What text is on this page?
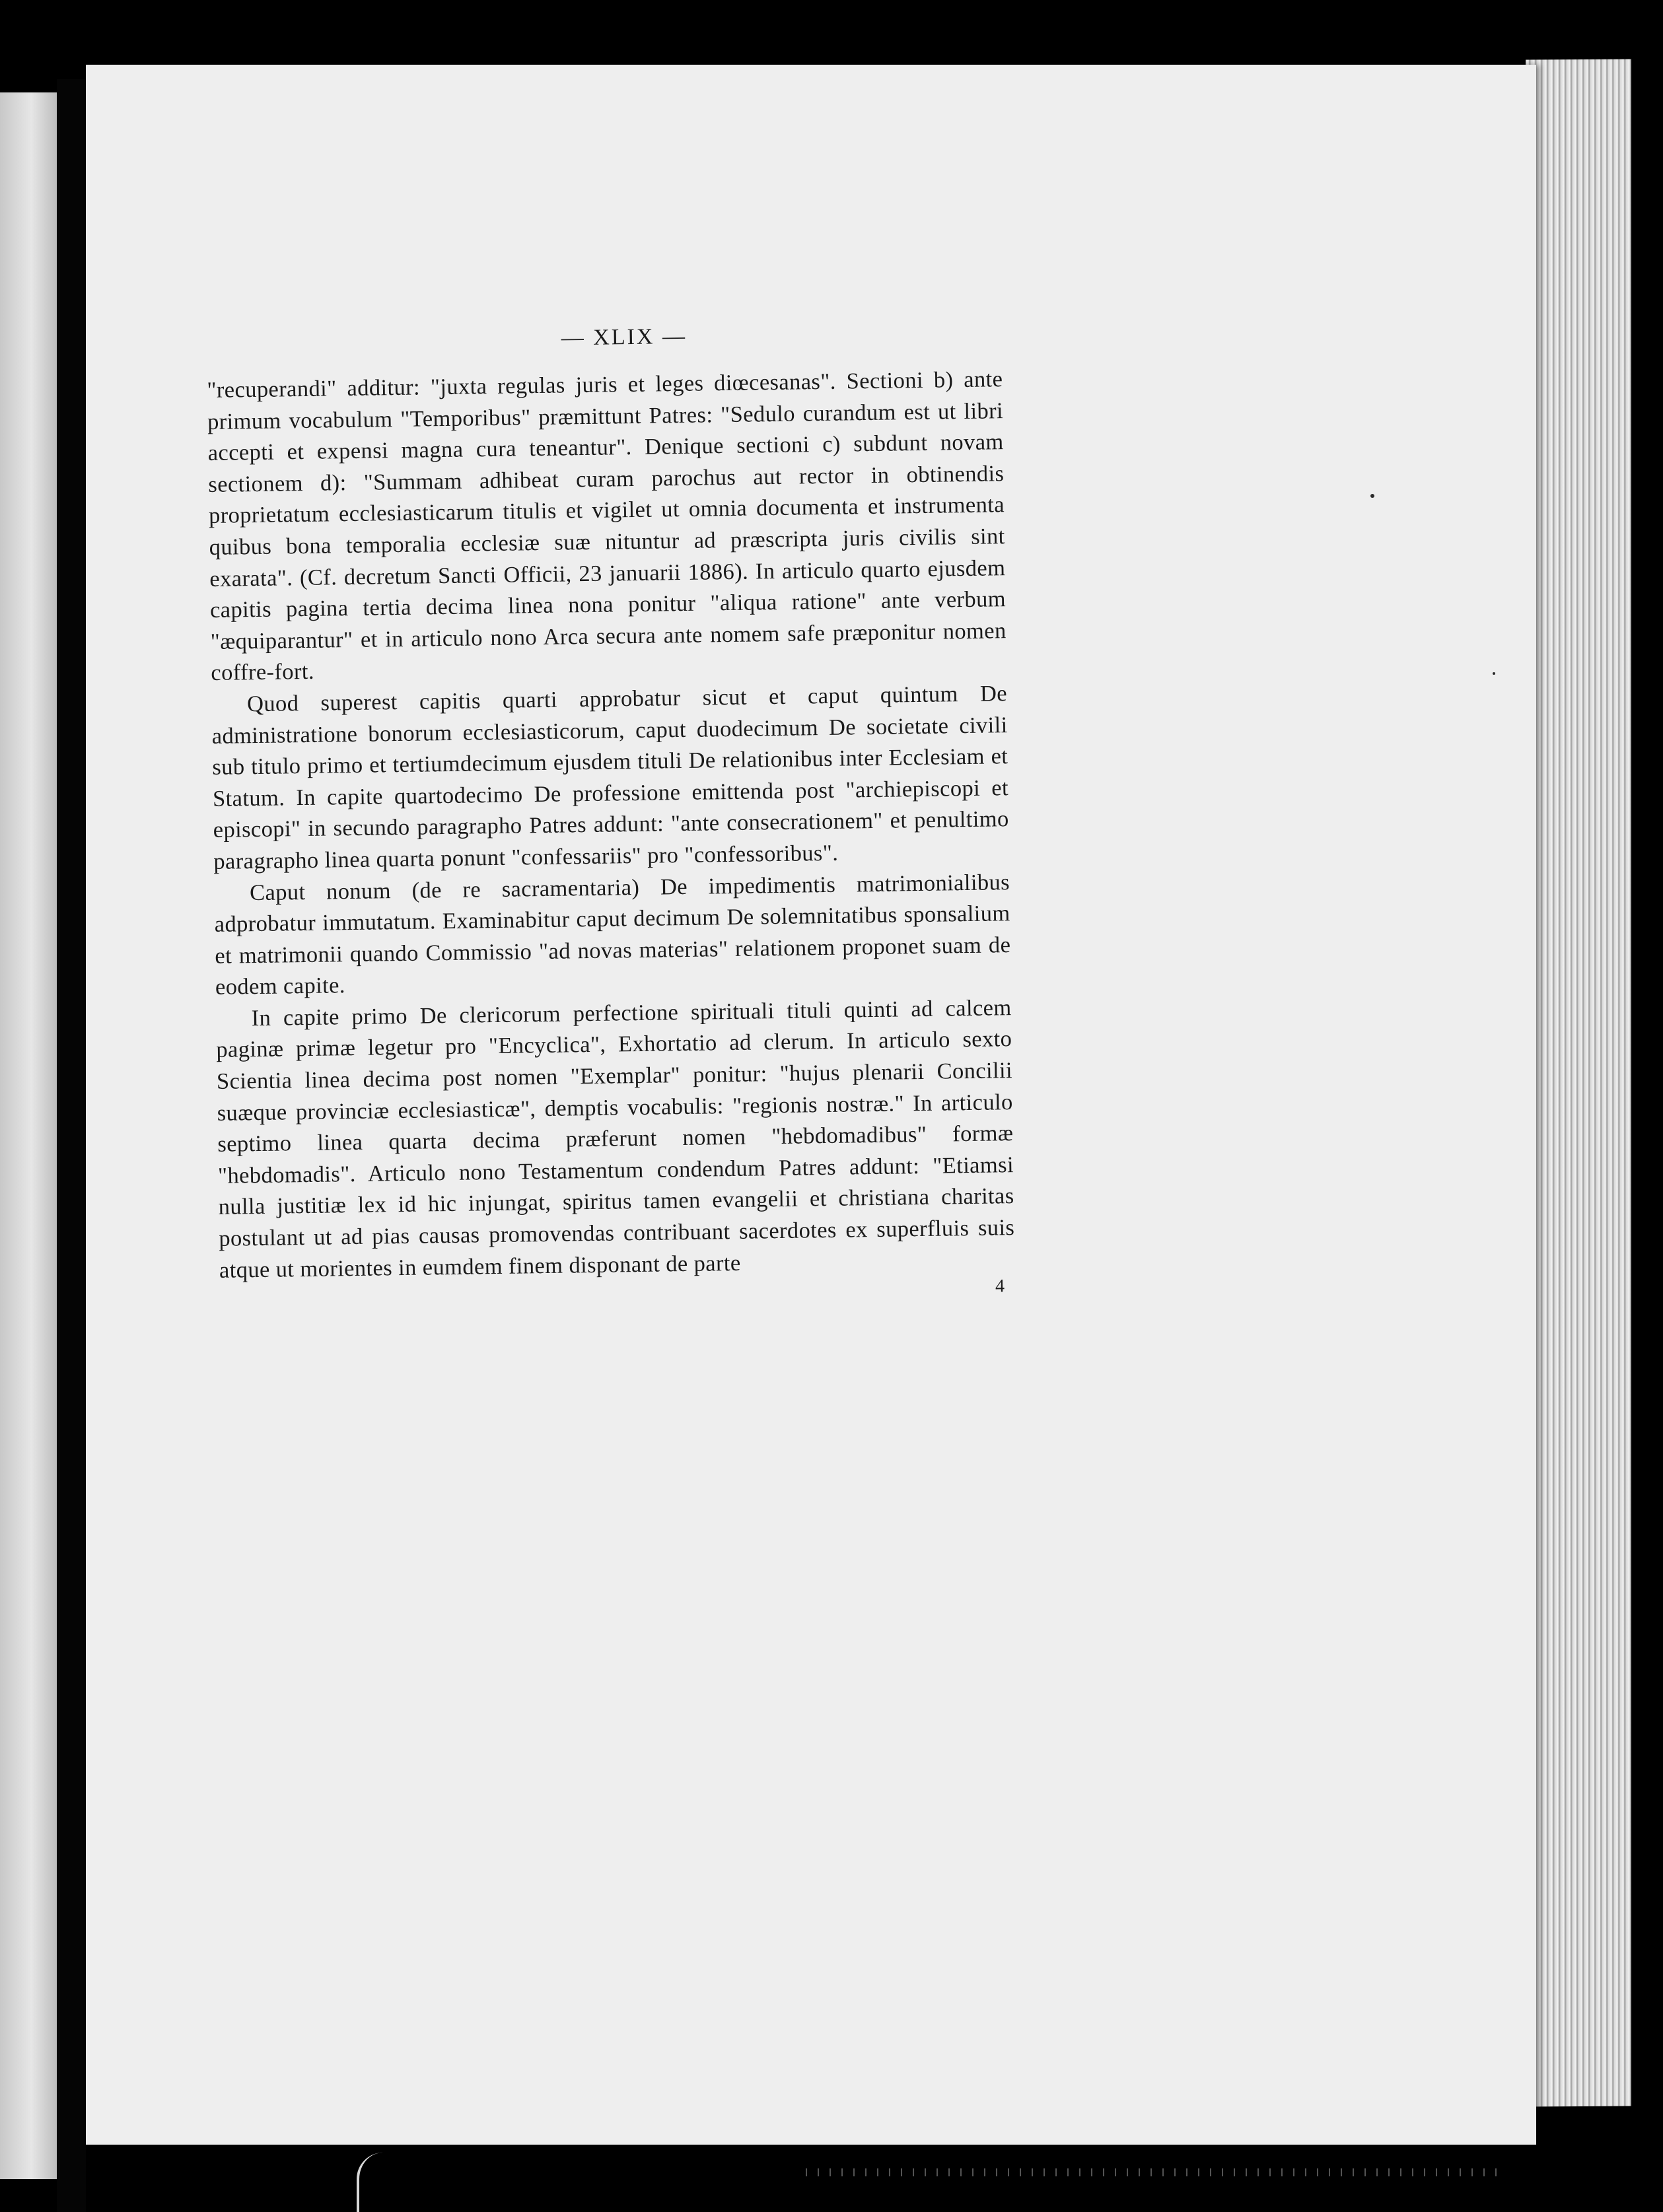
— XLIX —

"recuperandi" additur: "juxta regulas juris et leges diœcesanas". Sectioni b) ante primum vocabulum "Temporibus" præmittunt Patres: "Sedulo curandum est ut libri accepti et expensi magna cura teneantur". Denique sectioni c) subdunt novam sectionem d): "Summam adhibeat curam parochus aut rector in obtinendis proprietatum ecclesiasticarum titulis et vigilet ut omnia documenta et instrumenta quibus bona temporalia ecclesiæ suæ nituntur ad præscripta juris civilis sint exarata". (Cf. decretum Sancti Officii, 23 januarii 1886). In articulo quarto ejusdem capitis pagina tertia decima linea nona ponitur "aliqua ratione" ante verbum "æquiparantur" et in articulo nono Arca secura ante nomem safe præponitur nomen coffre-fort.

Quod superest capitis quarti approbatur sicut et caput quintum De administratione bonorum ecclesiasticorum, caput duodecimum De societate civili sub titulo primo et tertiumdecimum ejusdem tituli De relationibus inter Ecclesiam et Statum. In capite quartodecimo De professione emittenda post "archiepiscopi et episcopi" in secundo paragrapho Patres addunt: "ante consecrationem" et penultimo paragrapho linea quarta ponunt "confessariis" pro "confessoribus".

Caput nonum (de re sacramentaria) De impedimentis matrimonialibus adprobatur immutatum. Examinabitur caput decimum De solemnitatibus sponsalium et matrimonii quando Commissio "ad novas materias" relationem proponet suam de eodem capite.

In capite primo De clericorum perfectione spirituali tituli quinti ad calcem paginæ primæ legetur pro "Encyclica", Exhortatio ad clerum. In articulo sexto Scientia linea decima post nomen "Exemplar" ponitur: "hujus plenarii Concilii suæque provinciæ ecclesiasticæ", demptis vocabulis: "regionis nostræ." In articulo septimo linea quarta decima præferunt nomen "hebdomadibus" formæ "hebdomadis". Articulo nono Testamentum condendum Patres addunt: "Etiamsi nulla justitiæ lex id hic injungat, spiritus tamen evangelii et christiana charitas postulant ut ad pias causas promovendas contribuant sacerdotes ex superfluis suis atque ut morientes in eumdem finem disponant de parte

4
